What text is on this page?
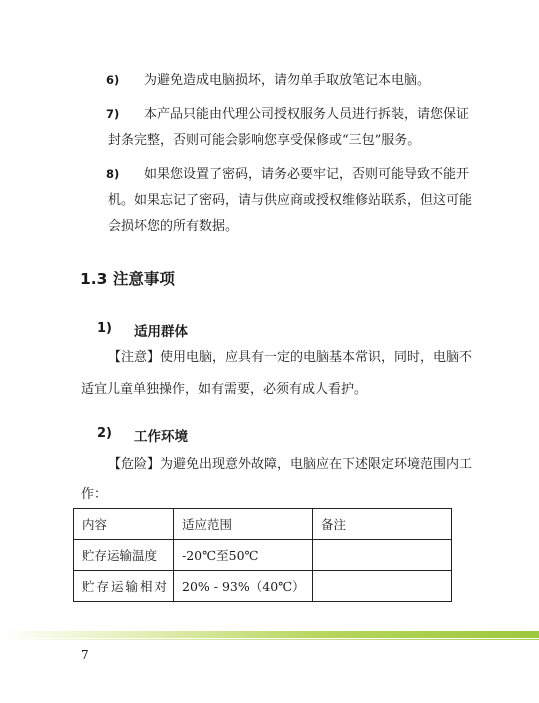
6) 为避免造成电脑损坏，请勿单手取放笔记本电脑。
7) 本产品只能由代理公司授权服务人员进行拆装，请您保证
封条完整，否则可能会影响您享受保修或“三包”服务。
8) 如果您设置了密码，请务必要牢记，否则可能导致不能开
机。如果忘记了密码，请与供应商或授权维修站联系，但这可能
会损坏您的所有数据。
1.3 注意事项
1) 适用群体
【注意】使用电脑，应具有一定的电脑基本常识，同时，电脑不
适宜儿童单独操作，如有需要，必须有成人看护。
2) 工作环境
【危险】为避免出现意外故障，电脑应在下述限定环境范围内工
作：
内容	适应范围	备注
贮存运输温度	-20℃至50℃	
贮存运输相对	20% - 93%（40℃）	
7
